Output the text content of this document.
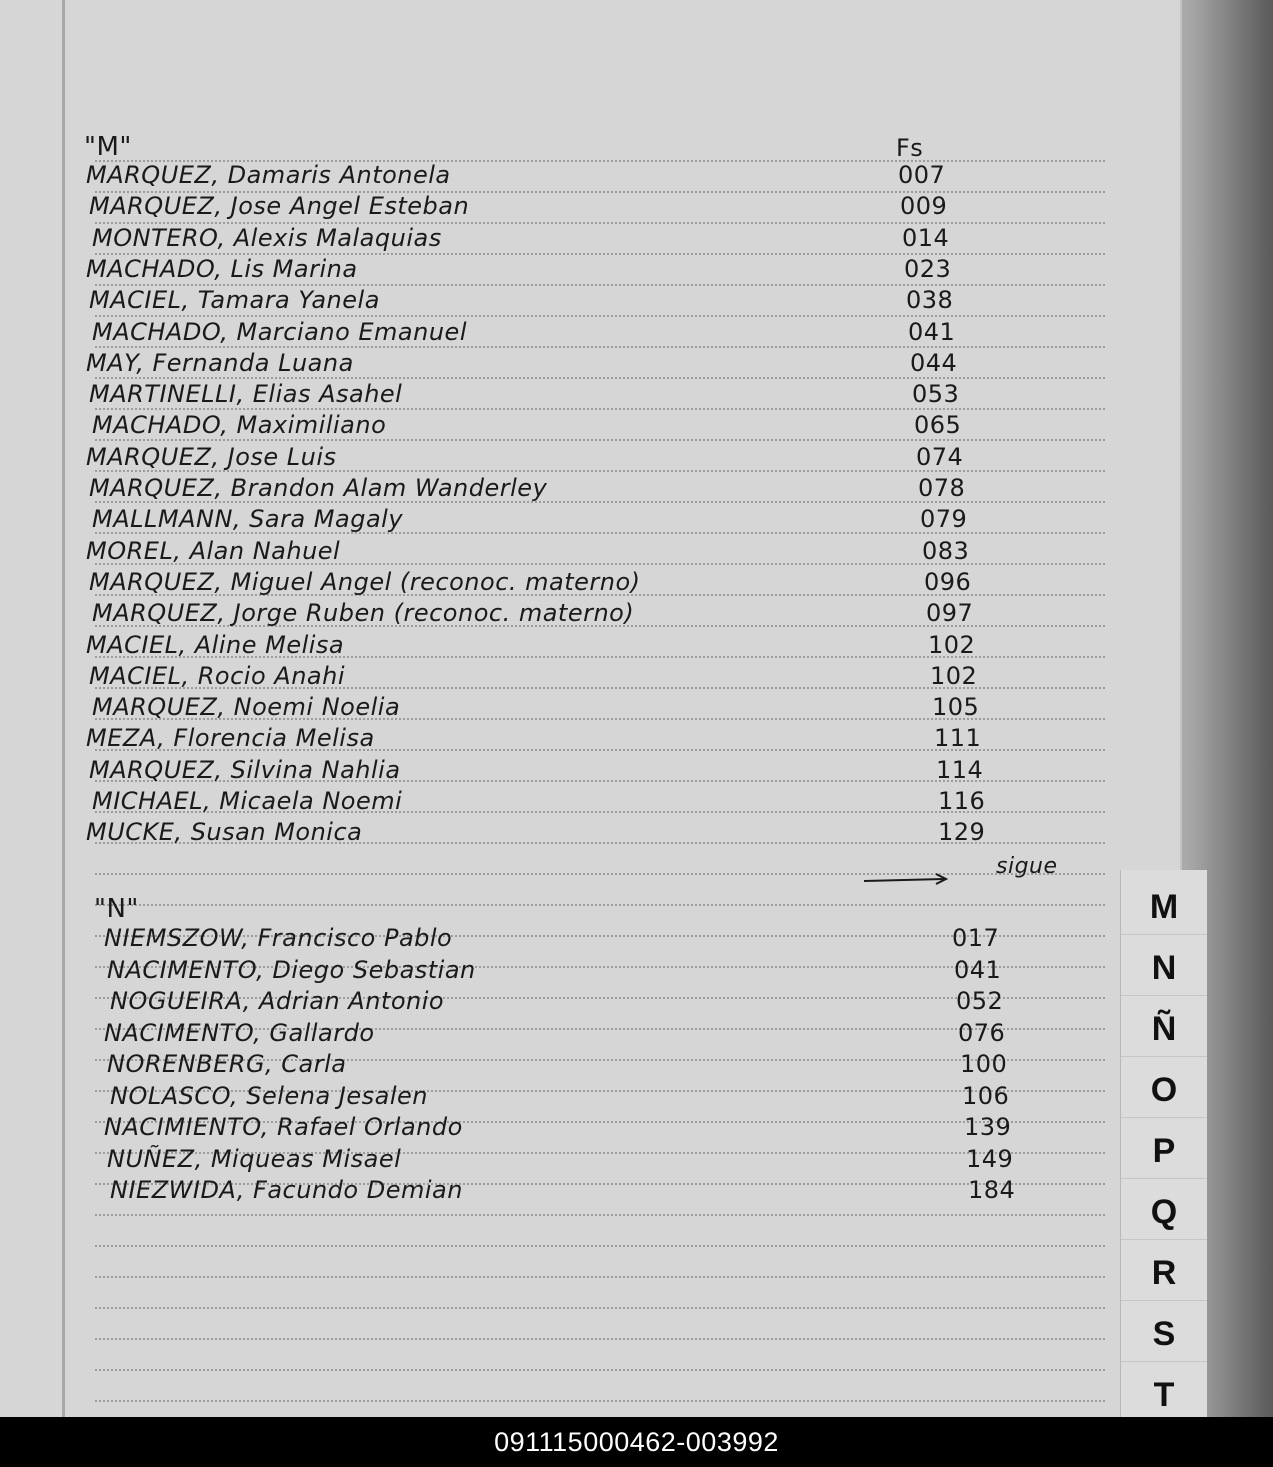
"M"	Fs
MARQUEZ, Damaris Antonela	007
MARQUEZ, Jose Angel Esteban	009
MONTERO, Alexis Malaquias	014
MACHADO, Lis Marina	023
MACIEL, Tamara Yanela	038
MACHADO, Marciano Emanuel	041
MAY, Fernanda Luana	044
MARTINELLI, Elias Asahel	053
MACHADO, Maximiliano	065
MARQUEZ, Jose Luis	074
MARQUEZ, Brandon Alam Wanderley	078
MALLMANN, Sara Magaly	079
MOREL, Alan Nahuel	083
MARQUEZ, Miguel Angel (reconoc. materno)	096
MARQUEZ, Jorge Ruben (reconoc. materno)	097
MACIEL, Aline Melisa	102
MACIEL, Rocio Anahi	102
MARQUEZ, Noemi Noelia	105
MEZA, Florencia Melisa	111
MARQUEZ, Silvina Nahlia	114
MICHAEL, Micaela Noemi	116
MUCKE, Susan Monica	129
sigue
"N"
NIEMSZOW, Francisco Pablo	017
NACIMENTO, Diego Sebastian	041
NOGUEIRA, Adrian Antonio	052
NACIMENTO, Gallardo	076
NORENBERG, Carla	100
NOLASCO, Selena Jesalen	106
NACIMIENTO, Rafael Orlando	139
NUÑEZ, Miqueas Misael	149
NIEZWIDA, Facundo Demian	184
M
N
Ñ
O
P
Q
R
S
T
091115000462-003992
